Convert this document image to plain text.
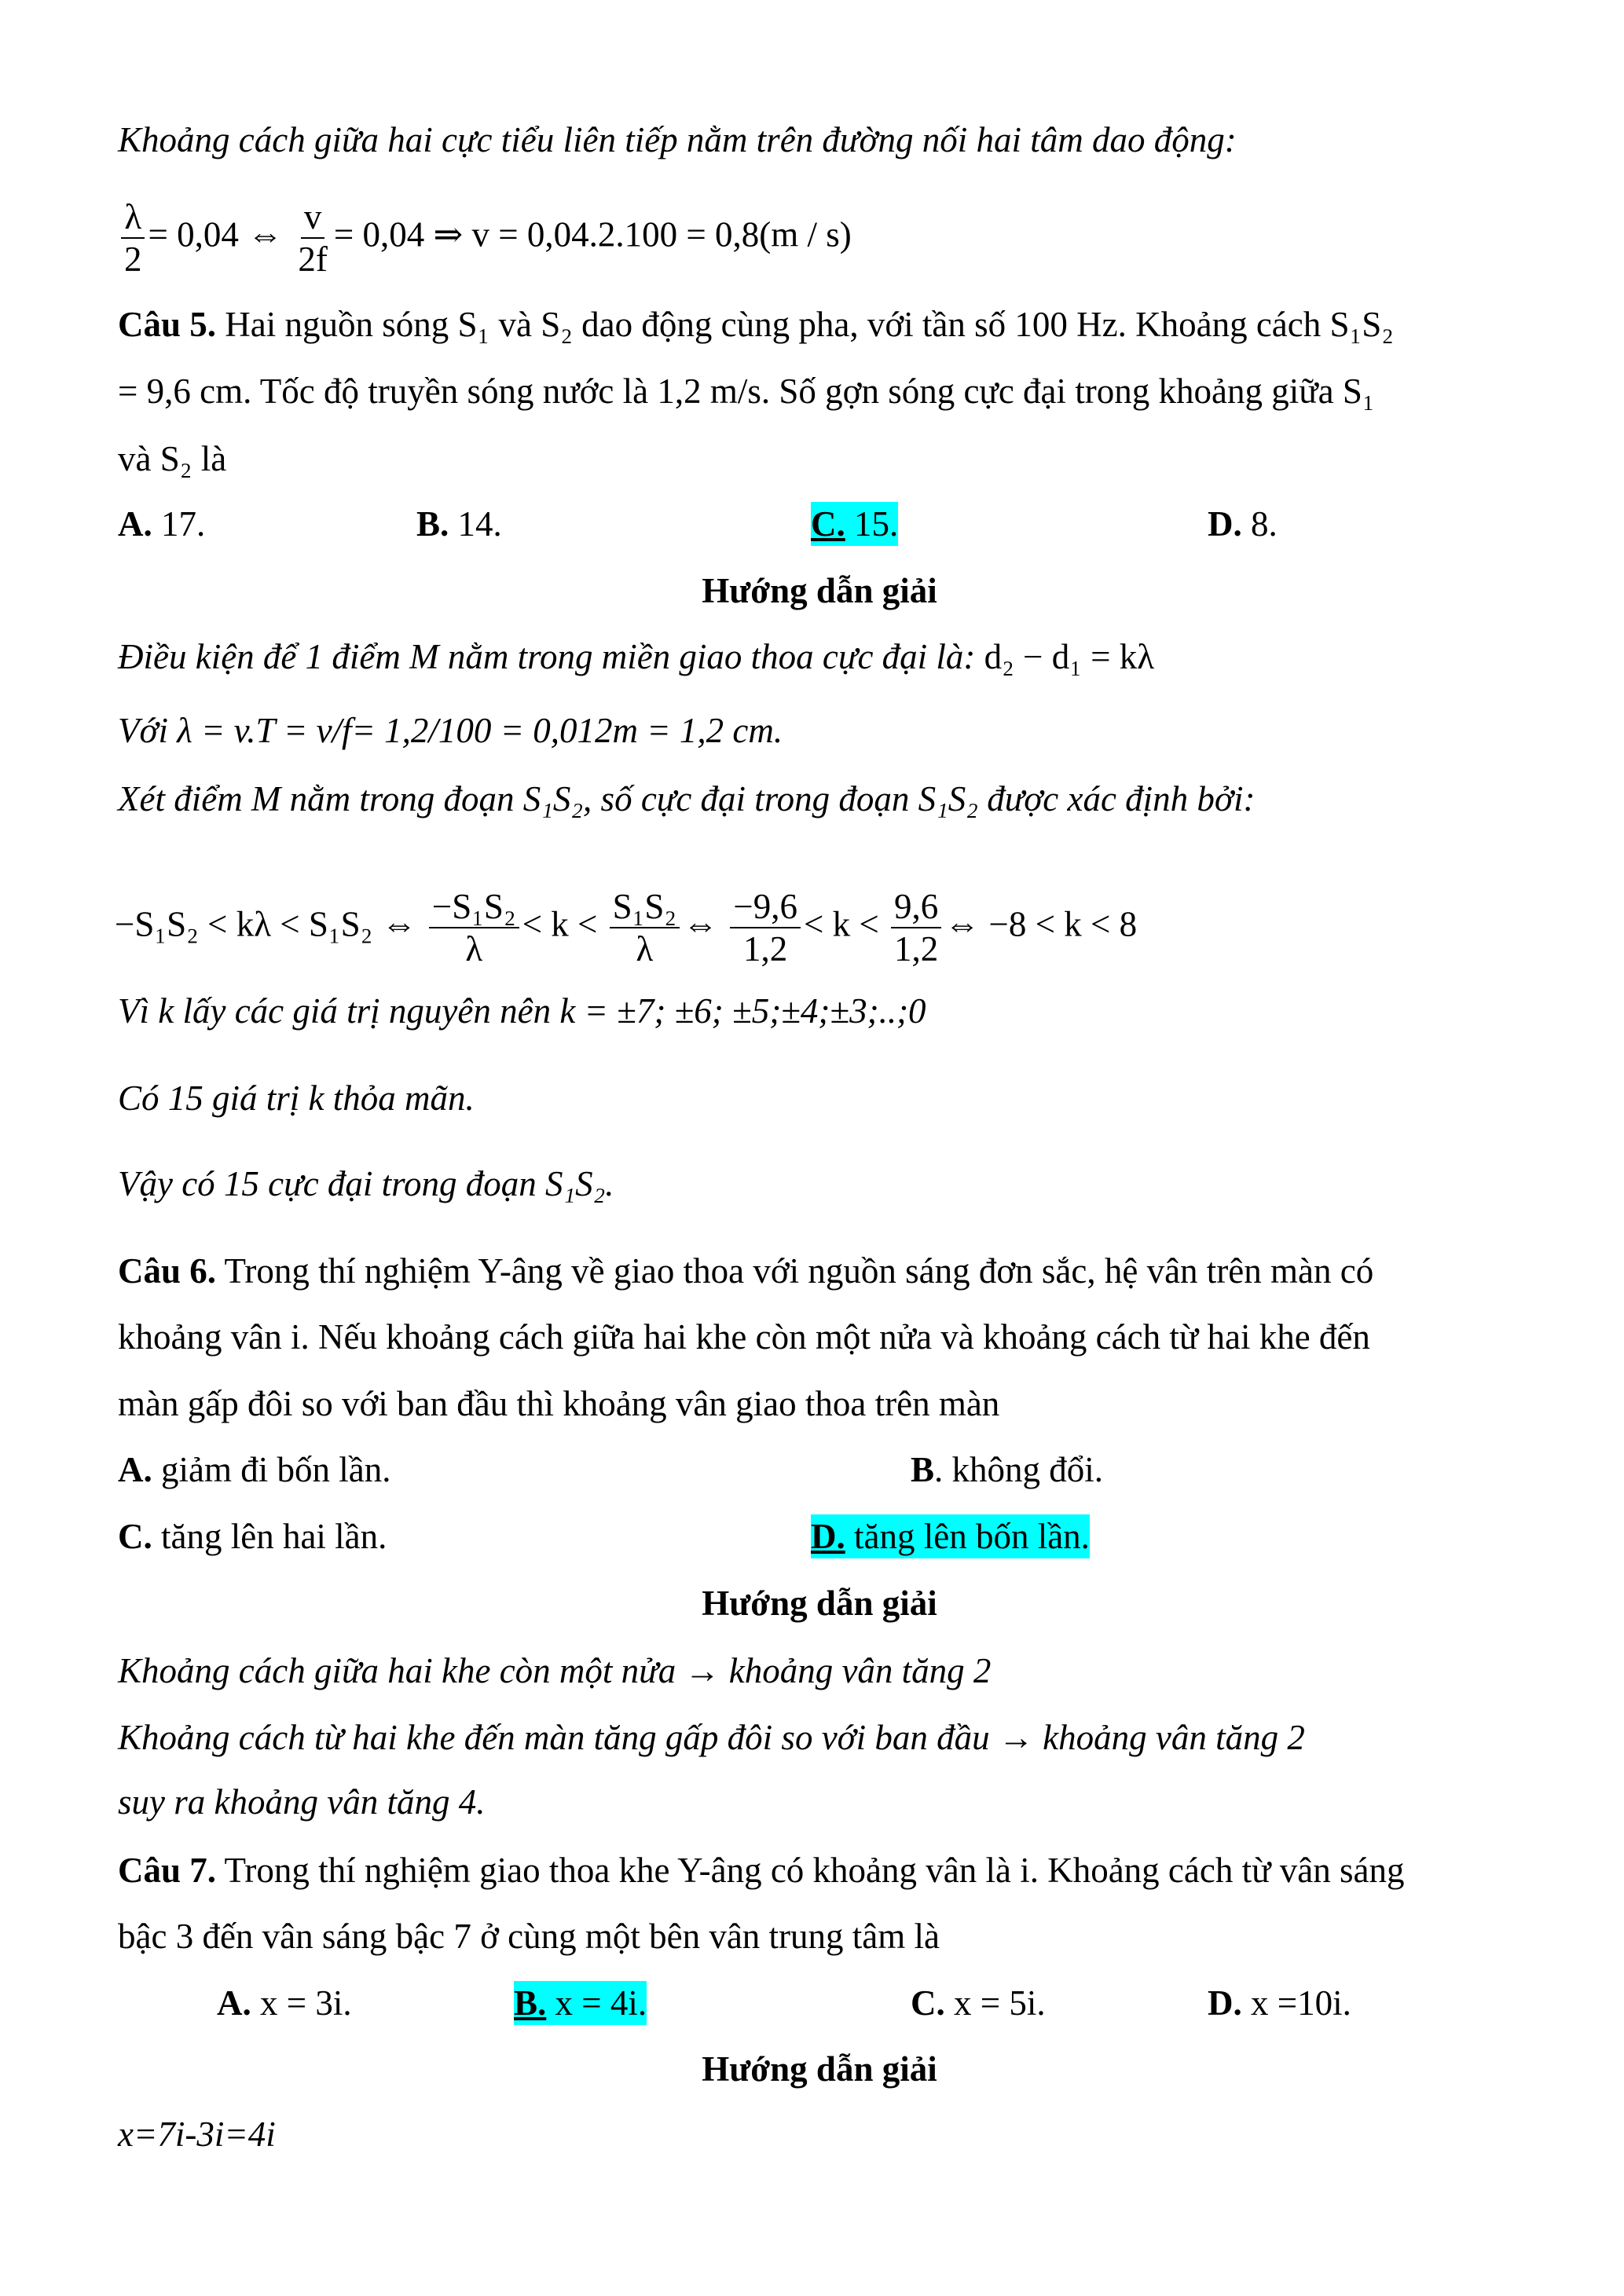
Khoảng cách giữa hai cực tiểu liên tiếp nằm trên đường nối hai tâm dao động:
$\frac{\lambda}{2} = 0,04$ ⇔ $\frac{v}{2f} = 0,04$ ⇒ v = 0,04.2.100 = 0,8(m / s)
Câu 5. Hai nguồn sóng S₁ và S₂ dao động cùng pha, với tần số 100 Hz. Khoảng cách S₁S₂
= 9,6 cm. Tốc độ truyền sóng nước là 1,2 m/s. Số gợn sóng cực đại trong khoảng giữa S₁
và S₂ là
A. 17.	B. 14.	C. 15.	D. 8.
Hướng dẫn giải
Điều kiện để 1 điểm M nằm trong miền giao thoa cực đại là: d₂ − d₁ = kλ
Với λ = v.T = v/f= 1,2/100 = 0,012m = 1,2 cm.
Xét điểm M nằm trong đoạn S₁S₂, số cực đại trong đoạn S₁S₂ được xác định bởi:
−S₁S₂ < kλ < S₁S₂ ⇔ $\frac{\text{−S₁S₂}}{\lambda} < k < \frac{\text{S₁S₂}}{\lambda}$ ⇔ $\frac{-9,6}{1,2} < k < \frac{9,6}{1,2}$ ⇔ −8 < k < 8
Vì k lấy các giá trị nguyên nên k = ±7; ±6; ±5;±4;±3;..;0
Có 15 giá trị k thỏa mãn.
Vậy có 15 cực đại trong đoạn S₁S₂.
Câu 6. Trong thí nghiệm Y-âng về giao thoa với nguồn sáng đơn sắc, hệ vân trên màn có
khoảng vân i. Nếu khoảng cách giữa hai khe còn một nửa và khoảng cách từ hai khe đến
màn gấp đôi so với ban đầu thì khoảng vân giao thoa trên màn
A. giảm đi bốn lần.	B. không đổi.
C. tăng lên hai lần.	D. tăng lên bốn lần.
Hướng dẫn giải
Khoảng cách giữa hai khe còn một nửa → khoảng vân tăng 2
Khoảng cách từ hai khe đến màn tăng gấp đôi so với ban đầu → khoảng vân tăng 2
suy ra khoảng vân tăng 4.
Câu 7. Trong thí nghiệm giao thoa khe Y-âng có khoảng vân là i. Khoảng cách từ vân sáng
bậc 3 đến vân sáng bậc 7 ở cùng một bên vân trung tâm là
A. x = 3i.	B. x = 4i.	C. x = 5i.	D. x =10i.
Hướng dẫn giải
x=7i-3i=4i
